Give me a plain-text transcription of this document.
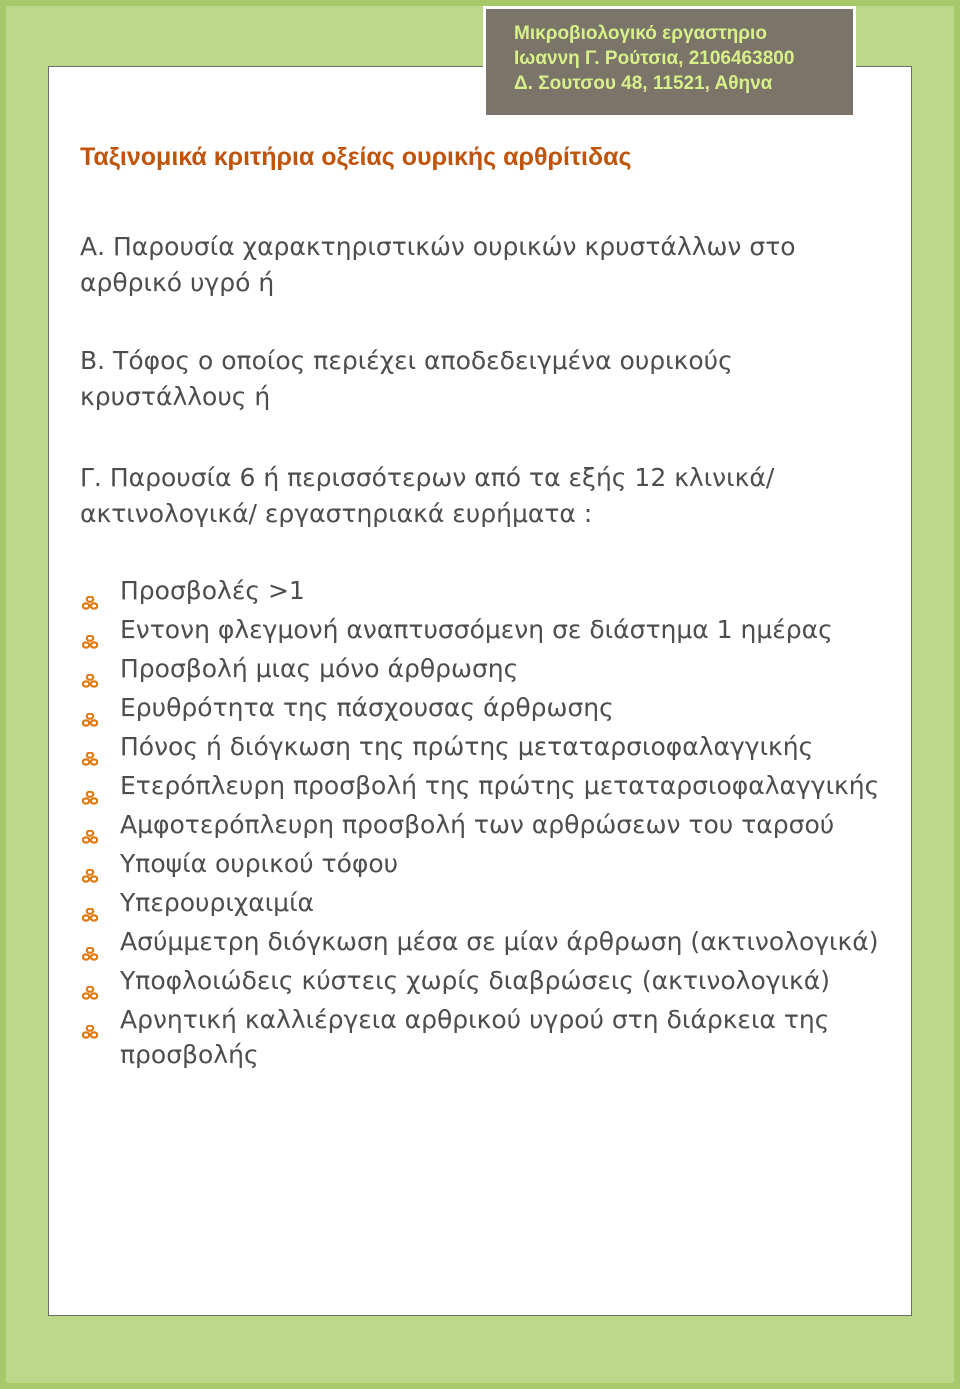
Μικροβιολογικό εργαστηριο
Ιωαννη Γ. Ρούτσια, 2106463800
Δ. Σουτσου 48, 11521, Αθηνα
Ταξινομικά κριτήρια οξείας ουρικής αρθρίτιδας
Α. Παρουσία χαρακτηριστικών ουρικών κρυστάλλων στο αρθρικό υγρό ή
Β. Τόφος ο οποίος περιέχει αποδεδειγμένα ουρικούς κρυστάλλους ή
Γ. Παρουσία 6 ή περισσότερων από τα εξής 12 κλινικά/ακτινολογικά/ εργαστηριακά ευρήματα :
Προσβολές >1
Εντονη φλεγμονή αναπτυσσόμενη σε διάστημα 1 ημέρας
Προσβολή μιας μόνο άρθρωσης
Ερυθρότητα της πάσχουσας άρθρωσης
Πόνος ή διόγκωση της πρώτης μεταταρσιοφαλαγγικής
Ετερόπλευρη προσβολή της πρώτης μεταταρσιοφαλαγγικής
Αμφοτερόπλευρη προσβολή των αρθρώσεων του ταρσού
Υποψία ουρικού τόφου
Υπερουριχαιμία
Ασύμμετρη διόγκωση μέσα σε μίαν άρθρωση (ακτινολογικά)
Υποφλοιώδεις κύστεις χωρίς διαβρώσεις (ακτινολογικά)
Αρνητική καλλιέργεια αρθρικού υγρού στη διάρκεια της προσβολής
